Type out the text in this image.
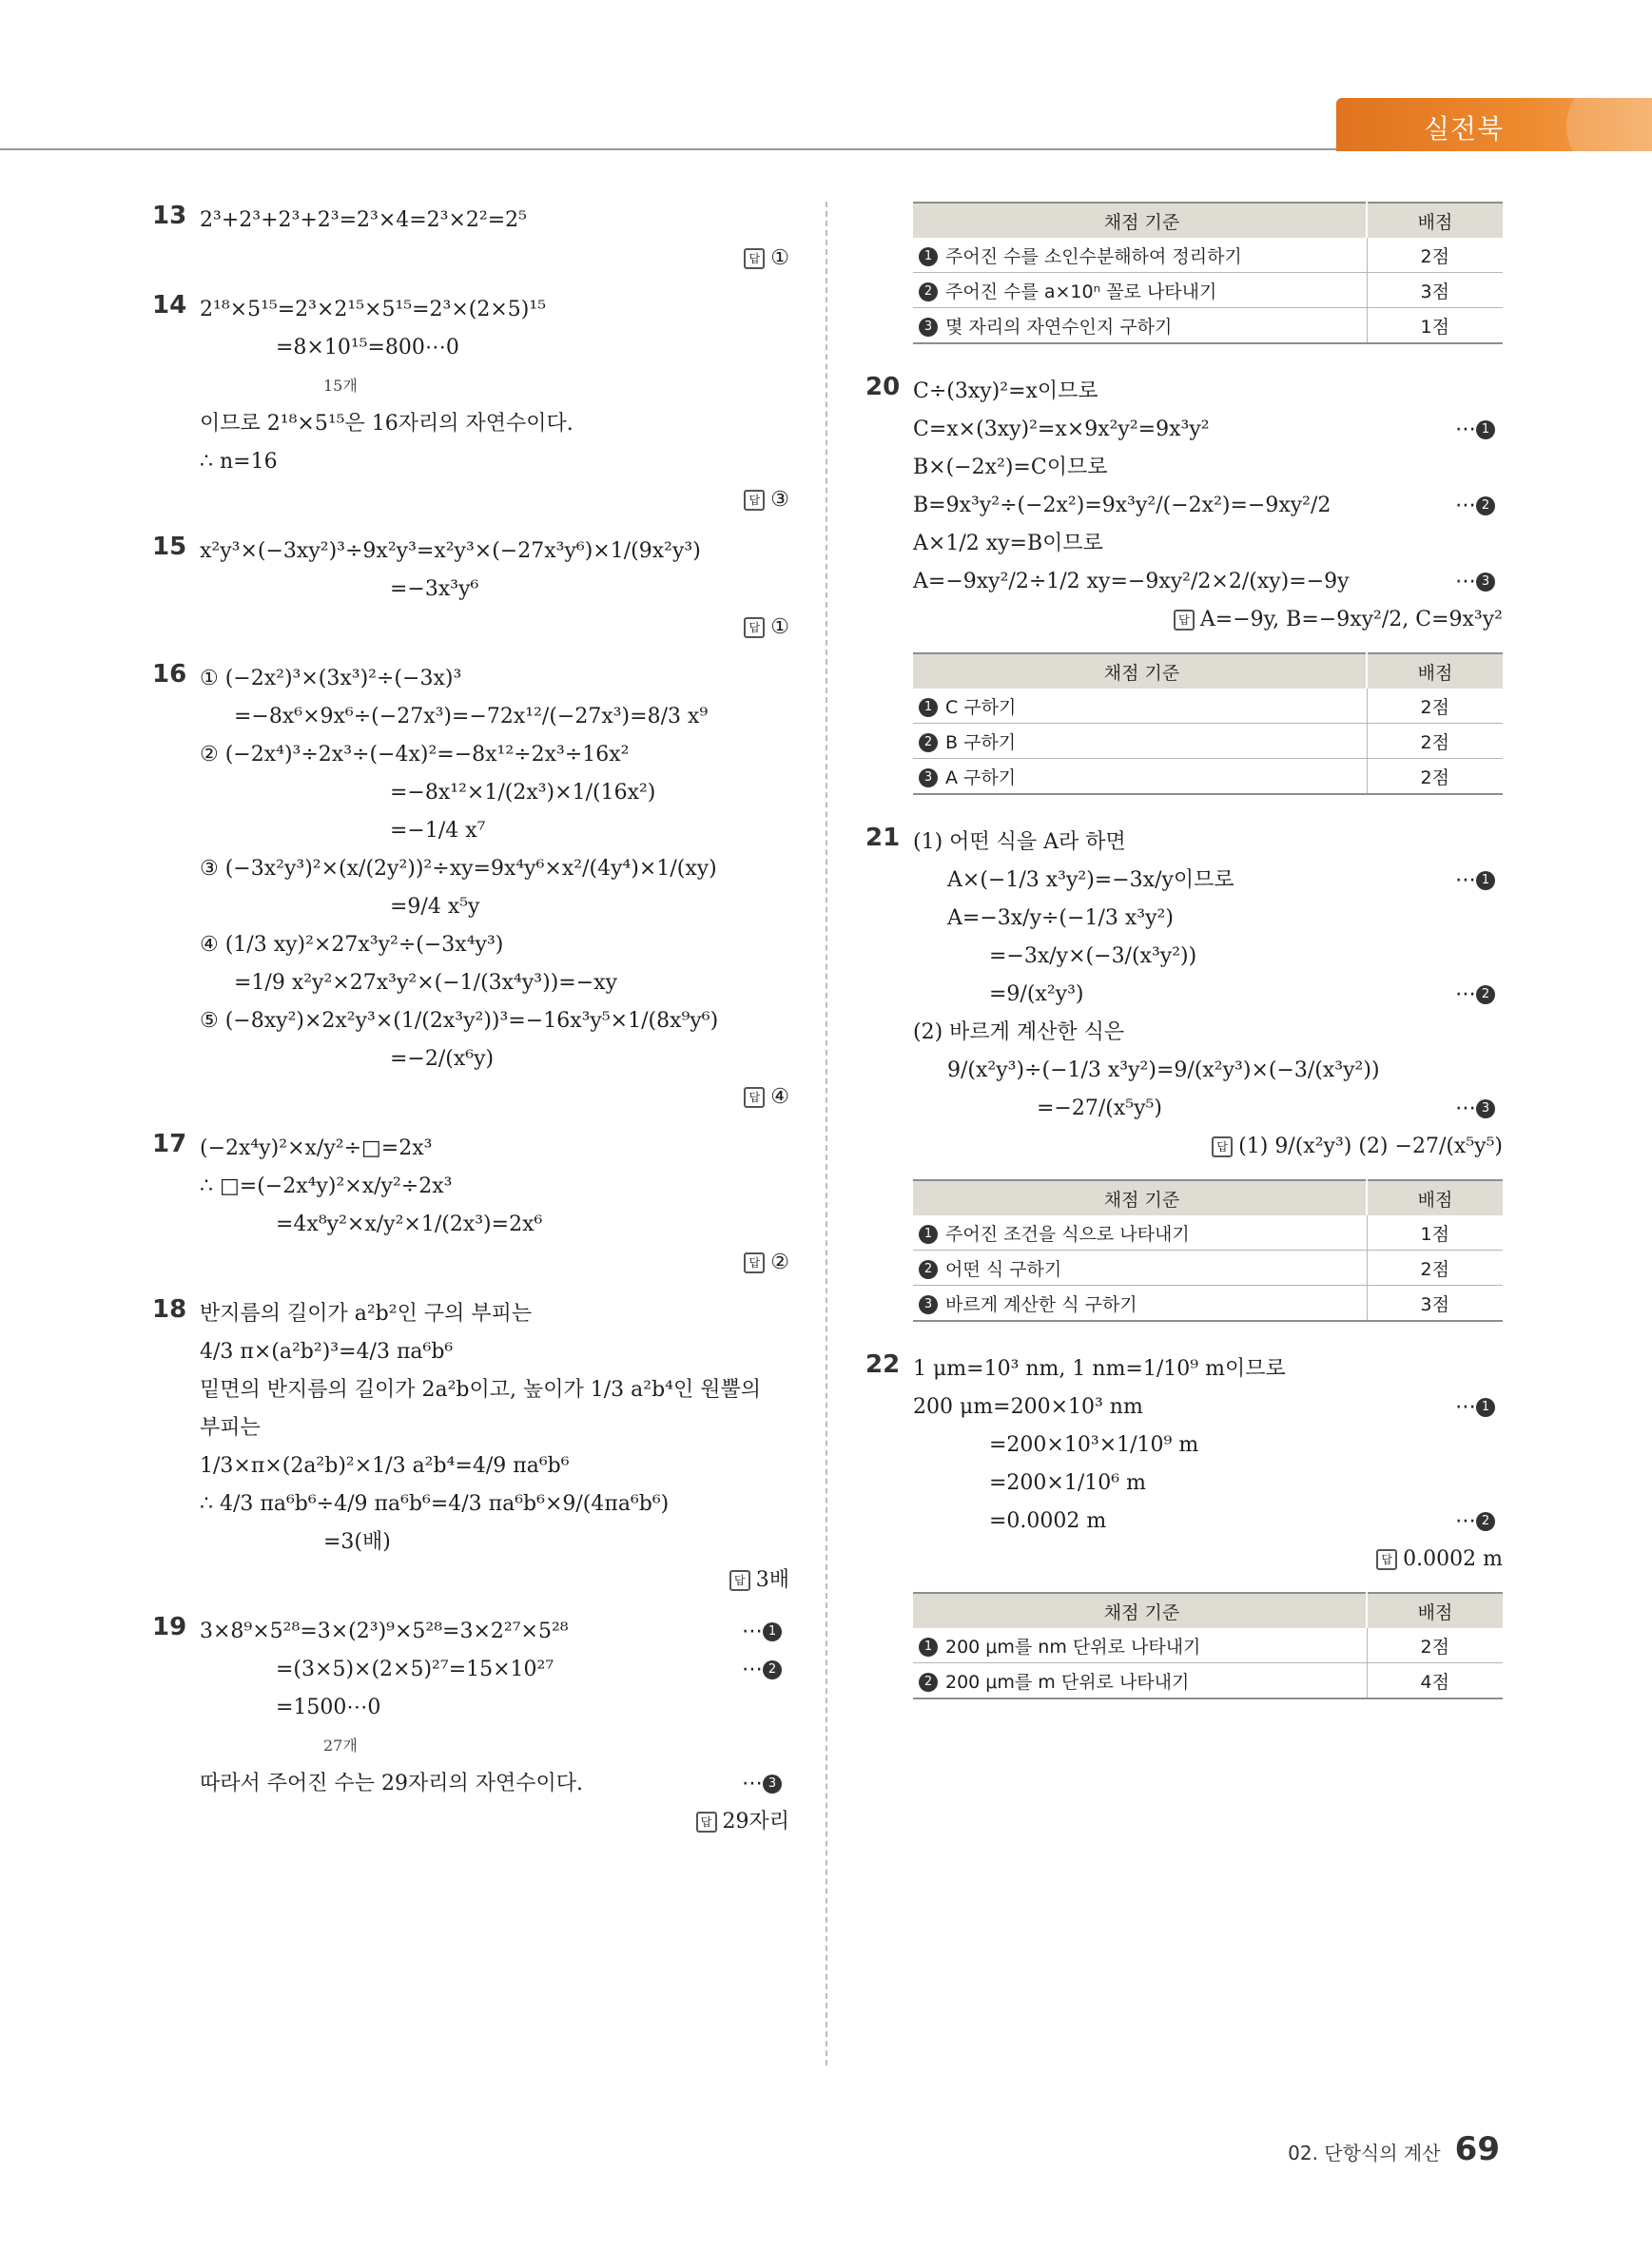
실전북
13 2³+2³+2³+2³=2³×4=2³×2²=2⁵
답 ①
14 2¹⁸×5¹⁵=2³×2¹⁵×5¹⁵=2³×(2×5)¹⁵
=8×10¹⁵=800⋯0
15개
이므로 2¹⁸×5¹⁵은 16자리의 자연수이다.
∴ n=16
답 ③
15 x²y³×(−3xy²)³÷9x²y³=x²y³×(−27x³y⁶)×1/(9x²y³)
=−3x³y⁶
답 ①
16 ① (−2x²)³×(3x³)²÷(−3x)³
=−8x⁶×9x⁶÷(−27x³)=−72x¹²/(−27x³)=8/3 x⁹
② (−2x⁴)³÷2x³÷(−4x)²=−8x¹²÷2x³÷16x²
=−8x¹²×1/(2x³)×1/(16x²)
=−1/4 x⁷
③ (−3x²y³)²×(x/(2y²))²÷xy=9x⁴y⁶×x²/(4y⁴)×1/(xy)
=9/4 x⁵y
④ (1/3 xy)²×27x³y²÷(−3x⁴y³)
=1/9 x²y²×27x³y²×(−1/(3x⁴y³))=−xy
⑤ (−8xy²)×2x²y³×(1/(2x³y²))³=−16x³y⁵×1/(8x⁹y⁶)
=−2/(x⁶y)
답 ④
17 (−2x⁴y)²×x/y²÷□=2x³
∴ □=(−2x⁴y)²×x/y²÷2x³
=4x⁸y²×x/y²×1/(2x³)=2x⁶
답 ②
18 반지름의 길이가 a²b²인 구의 부피는
4/3 π×(a²b²)³=4/3 πa⁶b⁶
밑면의 반지름의 길이가 2a²b이고, 높이가 1/3 a²b⁴인 원뿔의
부피는
1/3×π×(2a²b)²×1/3 a²b⁴=4/9 πa⁶b⁶
∴ 4/3 πa⁶b⁶÷4/9 πa⁶b⁶=4/3 πa⁶b⁶×9/(4πa⁶b⁶)
=3(배)
답 3배
19 3×8⁹×5²⁸=3×(2³)⁹×5²⁸=3×2²⁷×5²⁸	⋯ 1
=(3×5)×(2×5)²⁷=15×10²⁷	⋯ 2
=1500⋯0
27개
따라서 주어진 수는 29자리의 자연수이다.	⋯ 3
답 29자리
채점 기준	배점
1 주어진 수를 소인수분해하여 정리하기	2점
2 주어진 수를 a×10ⁿ 꼴로 나타내기	3점
3 몇 자리의 자연수인지 구하기	1점
20 C÷(3xy)²=x이므로
C=x×(3xy)²=x×9x²y²=9x³y²	⋯ 1
B×(−2x²)=C이므로
B=9x³y²÷(−2x²)=9x³y²/(−2x²)=−9xy²/2	⋯ 2
A×1/2 xy=B이므로
A=−9xy²/2÷1/2 xy=−9xy²/2×2/(xy)=−9y	⋯ 3
답 A=−9y, B=−9xy²/2, C=9x³y²
채점 기준	배점
1 C 구하기	2점
2 B 구하기	2점
3 A 구하기	2점
21 (1) 어떤 식을 A라 하면
A×(−1/3 x³y²)=−3x/y이므로	⋯ 1
A=−3x/y÷(−1/3 x³y²)
=−3x/y×(−3/(x³y²))
=9/(x²y³)	⋯ 2
(2) 바르게 계산한 식은
9/(x²y³)÷(−1/3 x³y²)=9/(x²y³)×(−3/(x³y²))
=−27/(x⁵y⁵)	⋯ 3
답 (1) 9/(x²y³) (2) −27/(x⁵y⁵)
채점 기준	배점
1 주어진 조건을 식으로 나타내기	1점
2 어떤 식 구하기	2점
3 바르게 계산한 식 구하기	3점
22 1 μm=10³ nm, 1 nm=1/10⁹ m이므로
200 μm=200×10³ nm	⋯ 1
=200×10³×1/10⁹ m
=200×1/10⁶ m
=0.0002 m	⋯ 2
답 0.0002 m
채점 기준	배점
1 200 μm를 nm 단위로 나타내기	2점
2 200 μm를 m 단위로 나타내기	4점
02. 단항식의 계산 69
